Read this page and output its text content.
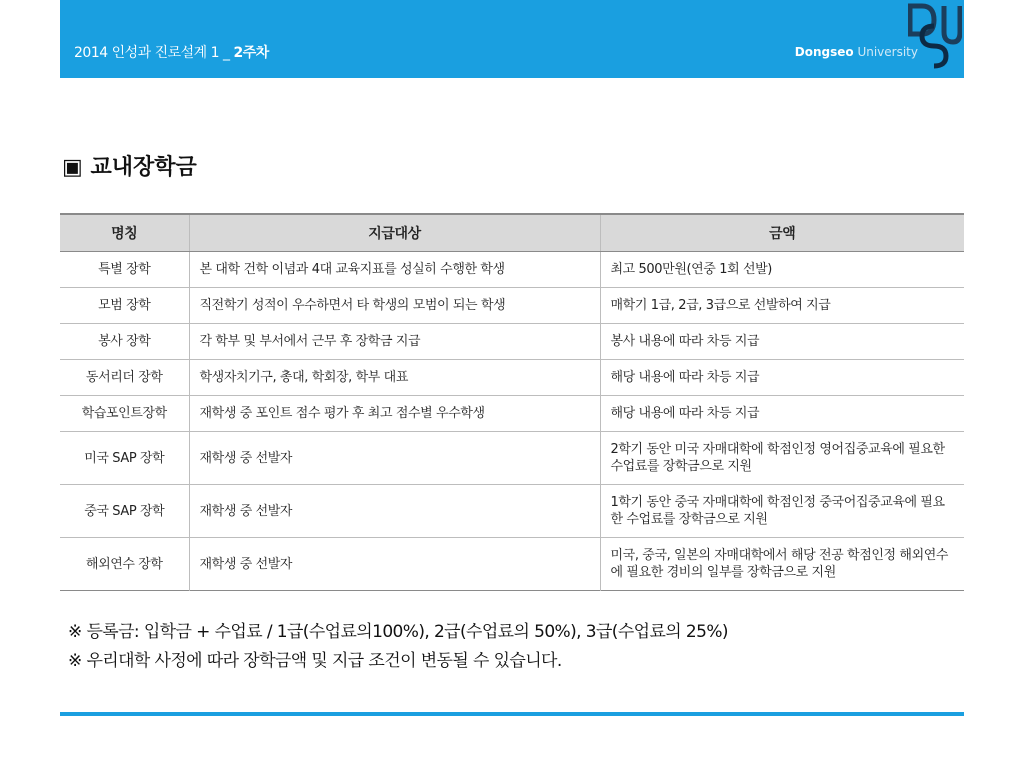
2014 인성과 진로설계 1 _ 2주차	Dongseo University
▣ 교내장학금
명칭	지급대상	금액
특별 장학	본 대학 건학 이념과 4대 교육지표를 성실히 수행한 학생	최고 500만원(연중 1회 선발)
모범 장학	직전학기 성적이 우수하면서 타 학생의 모범이 되는 학생	매학기 1급, 2급, 3급으로 선발하여 지급
봉사 장학	각 학부 및 부서에서 근무 후 장학금 지급	봉사 내용에 따라 차등 지급
동서리더 장학	학생자치기구, 총대, 학회장, 학부 대표	해당 내용에 따라 차등 지급
학습포인트장학	재학생 중 포인트 점수 평가 후 최고 점수별 우수학생	해당 내용에 따라 차등 지급
미국 SAP 장학	재학생 중 선발자	2학기 동안 미국 자매대학에 학점인정 영어집중교육에 필요한 수업료를 장학금으로 지원
중국 SAP 장학	재학생 중 선발자	1학기 동안 중국 자매대학에 학점인정 중국어집중교육에 필요한 수업료를 장학금으로 지원
해외연수 장학	재학생 중 선발자	미국, 중국, 일본의 자매대학에서 해당 전공 학점인정 해외연수에 필요한 경비의 일부를 장학금으로 지원
※ 등록금: 입학금 + 수업료 / 1급(수업료의100%), 2급(수업료의 50%), 3급(수업료의 25%)
※ 우리대학 사정에 따라 장학금액 및 지급 조건이 변동될 수 있습니다.
